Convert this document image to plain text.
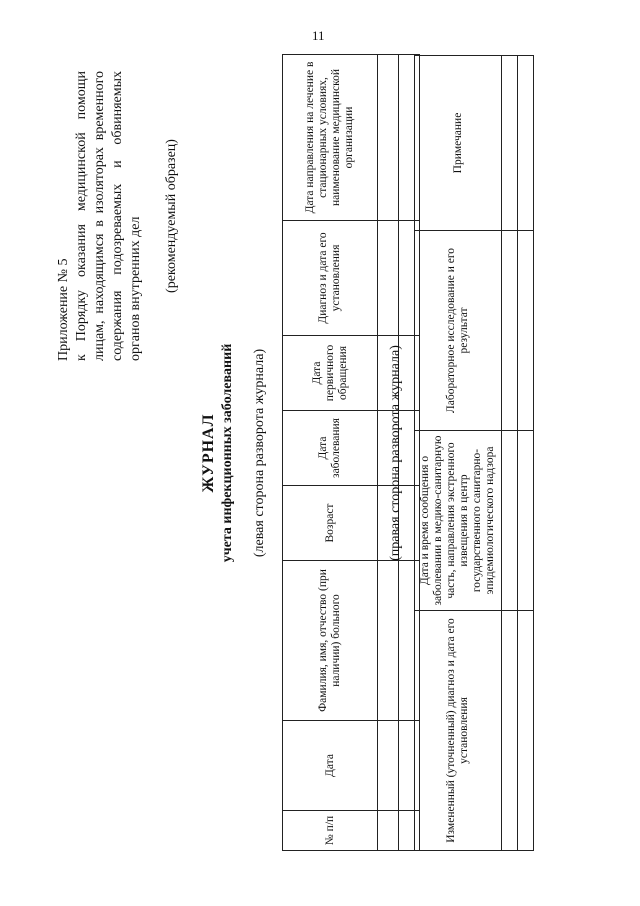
11

Приложение № 5 к Порядку оказания медицинской помощи лицам, находящимся в изоляторах временного содержания подозреваемых и обвиняемых органов внутренних дел (рекомендуемый образец)

ЖУРНАЛ учета инфекционных заболеваний (левая сторона разворота журнала)
№ п/п	Дата	Фамилия, имя, отчество (при наличии) больного	Возраст	Дата заболевания	Дата первичного обращения	Диагноз и дата его установления	Дата направления на лечение в стационарных условиях, наименование медицинской организации

(правая сторона разворота журнала)
Измененный (уточненный) диагноз и дата его установления	Дата и время сообщения о заболевании в медико-санитарную часть, направления экстренного извещения в центр государственного санитарно-эпидемиологического надзора	Лабораторное исследование и его результат	Примечание
